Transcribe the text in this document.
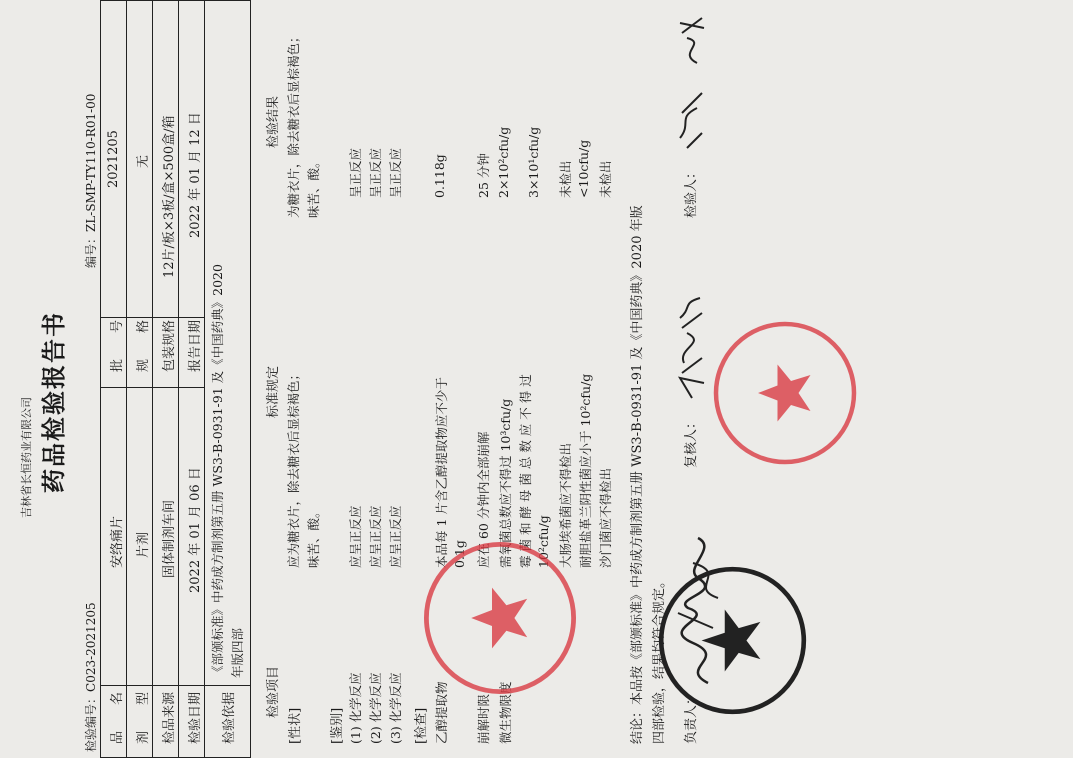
吉林省长恒药业有限公司 药品检验报告书
检验编号：C023-2021205
编号：ZL-SMP-TY110-R01-00
品　　名
安络痛片
批　　号
2021205
剂　　型
片剂
规　　格
无
检品来源
固体制剂车间
包装规格
12片/板×3板/盒×500盒/箱
检验日期
2022 年 01 月 06 日
报告日期
2022 年 01 月 12 日
检验依据
《部颁标准》中药成方制剂第五册 WS3-B-0931-91 及《中国药典》2020 年版四部
检验项目
标准规定
检验结果
[性状]
应为糖衣片，除去糖衣后显棕褐色； 味苦、酸。
为糖衣片，除去糖衣后显棕褐色； 味苦、酸。
[鉴别] (1) 化学反应
应呈正反应
呈正反应
(2) 化学反应
应呈正反应
呈正反应
(3) 化学反应
应呈正反应
呈正反应
[检查] 乙醇提取物
本品每 1 片含乙醇提取物应不少于 0.1g
0.118g
崩解时限
应在 60 分钟内全部崩解
25 分钟
微生物限度
需氧菌总数应不得过 10³cfu/g
2×10²cfu/g
霉 菌 和 酵 母 菌 总 数 应 不 得 过 10²cfu/g
3×10¹cfu/g
大肠埃希菌应不得检出
未检出
耐胆盐革兰阴性菌应小于 10²cfu/g
<10cfu/g
沙门菌应不得检出
未检出
结论：本品按《部颁标准》中药成方制剂第五册 WS3-B-0931-91 及《中国药典》2020 年版 四部检验，结果均符合规定。	负责人：
复核人：
检验人：
